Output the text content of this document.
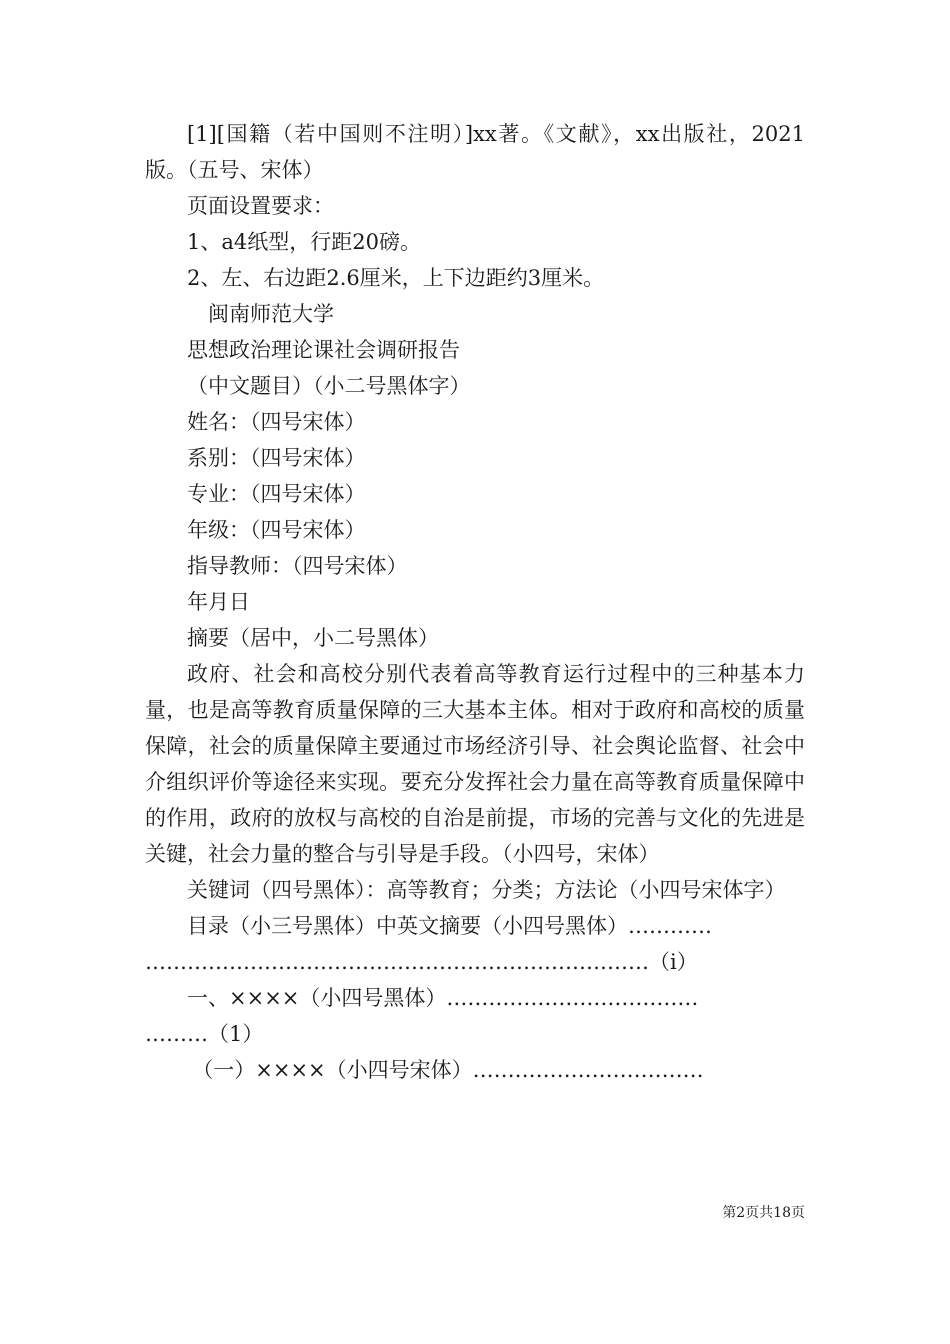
[1][国籍（若中国则不注明）]xx著。《文献》，xx出版社，2021版。（五号、宋体）

页面设置要求：

1、a4纸型，行距20磅。

2、左、右边距2.6厘米，上下边距约3厘米。

闽南师范大学

思想政治理论课社会调研报告

（中文题目）（小二号黑体字）

姓名：（四号宋体）

系别：（四号宋体）

专业：（四号宋体）

年级：（四号宋体）

指导教师：（四号宋体）

年月日

摘要（居中，小二号黑体）

政府、社会和高校分别代表着高等教育运行过程中的三种基本力量，也是高等教育质量保障的三大基本主体。相对于政府和高校的质量保障，社会的质量保障主要通过市场经济引导、社会舆论监督、社会中介组织评价等途径来实现。要充分发挥社会力量在高等教育质量保障中的作用，政府的放权与高校的自治是前提，市场的完善与文化的先进是关键，社会力量的整合与引导是手段。（小四号，宋体）

关键词（四号黑体）：高等教育；分类；方法论（小四号宋体字）

目录（小三号黑体）中英文摘要（小四号黑体）…………

………………………………………………………………（i）

一、××××（小四号黑体）………………………………

………（1）

（一）××××（小四号宋体）……………………………

第2页共18页
